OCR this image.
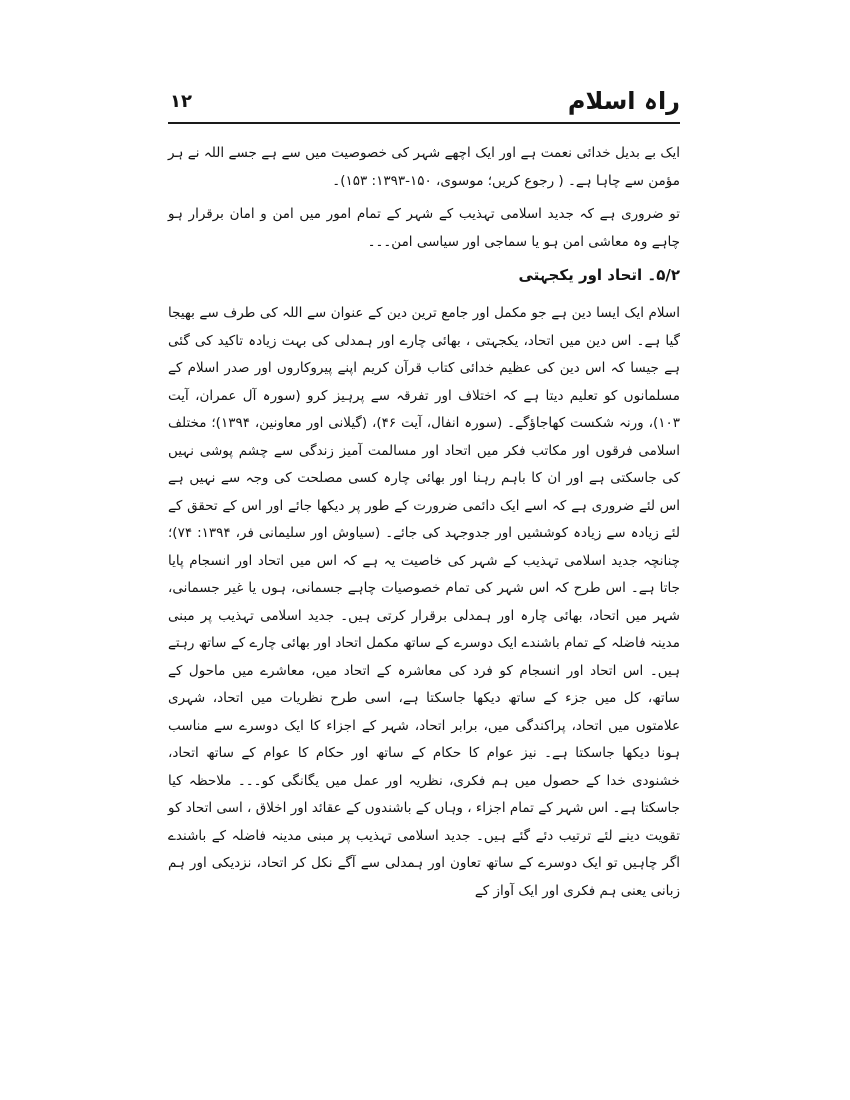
راہ اسلام
۱۲

ایک بے بدیل خدائی نعمت ہے اور ایک اچھے شہر کی خصوصیت میں سے ہے جسے اللہ نے ہر مؤمن سے چاہا ہے۔ ( رجوع کریں؛ موسوی، ۱۵۰-۱۳۹۳: ۱۵۳)۔

تو ضروری ہے کہ جدید اسلامی تہذیب کے شہر کے تمام امور میں امن و امان برقرار ہو چاہے وہ معاشی امن ہو یا سماجی اور سیاسی امن۔۔۔

۵/۲۔ اتحاد اور یکجہتی

اسلام ایک ایسا دین ہے جو مکمل اور جامع ترین دین کے عنوان سے اللہ کی طرف سے بھیجا گیا ہے۔ اس دین میں اتحاد، یکجہتی ، بھائی چارے اور ہمدلی کی بہت زیادہ تاکید کی گئی ہے جیسا کہ اس دین کی عظیم خدائی کتاب قرآن کریم اپنے پیروکاروں اور صدر اسلام کے مسلمانوں کو تعلیم دیتا ہے کہ اختلاف اور تفرقہ سے پرہیز کرو (سورہ آل عمران، آیت ۱۰۳)، ورنہ شکست کھاجاؤگے۔ (سورہ انفال، آیت ۴۶)، (گیلانی اور معاونین، ۱۳۹۴)؛ مختلف اسلامی فرقوں اور مکاتب فکر میں اتحاد اور مسالمت آمیز زندگی سے چشم پوشی نہیں کی جاسکتی ہے اور ان کا باہم رہنا اور بھائی چارہ کسی مصلحت کی وجہ سے نہیں ہے اس لئے ضروری ہے کہ اسے ایک دائمی ضرورت کے طور پر دیکھا جائے اور اس کے تحقق کے لئے زیادہ سے زیادہ کوششیں اور جدوجہد کی جائے۔ (سیاوش اور سلیمانی فر، ۱۳۹۴: ۷۴)؛ چنانچہ جدید اسلامی تہذیب کے شہر کی خاصیت یہ ہے کہ اس میں اتحاد اور انسجام پایا جاتا ہے۔ اس طرح کہ اس شہر کی تمام خصوصیات چاہے جسمانی، ہوں یا غیر جسمانی، شہر میں اتحاد، بھائی چارہ اور ہمدلی برقرار کرتی ہیں۔ جدید اسلامی تہذیب پر مبنی مدینہ فاضلہ کے تمام باشندے ایک دوسرے کے ساتھ مکمل اتحاد اور بھائی چارے کے ساتھ رہتے ہیں۔ اس اتحاد اور انسجام کو فرد کی معاشرہ کے اتحاد میں، معاشرے میں ماحول کے ساتھ، کل میں جزء کے ساتھ دیکھا جاسکتا ہے، اسی طرح نظریات میں اتحاد، شہری علامتوں میں اتحاد، پراکندگی میں، برابر اتحاد، شہر کے اجزاء کا ایک دوسرے سے مناسب ہونا دیکھا جاسکتا ہے۔ نیز عوام کا حکام کے ساتھ اور حکام کا عوام کے ساتھ اتحاد، خشنودی خدا کے حصول میں ہم فکری، نظریہ اور عمل میں یگانگی کو۔۔۔ ملاحظہ کیا جاسکتا ہے۔ اس شہر کے تمام اجزاء ، وہاں کے باشندوں کے عقائد اور اخلاق ، اسی اتحاد کو تقویت دینے لئے ترتیب دئے گئے ہیں۔ جدید اسلامی تہذیب پر مبنی مدینہ فاضلہ کے باشندے اگر چاہیں تو ایک دوسرے کے ساتھ تعاون اور ہمدلی سے آگے نکل کر اتحاد، نزدیکی اور ہم زبانی یعنی ہم فکری اور ایک آواز کے
